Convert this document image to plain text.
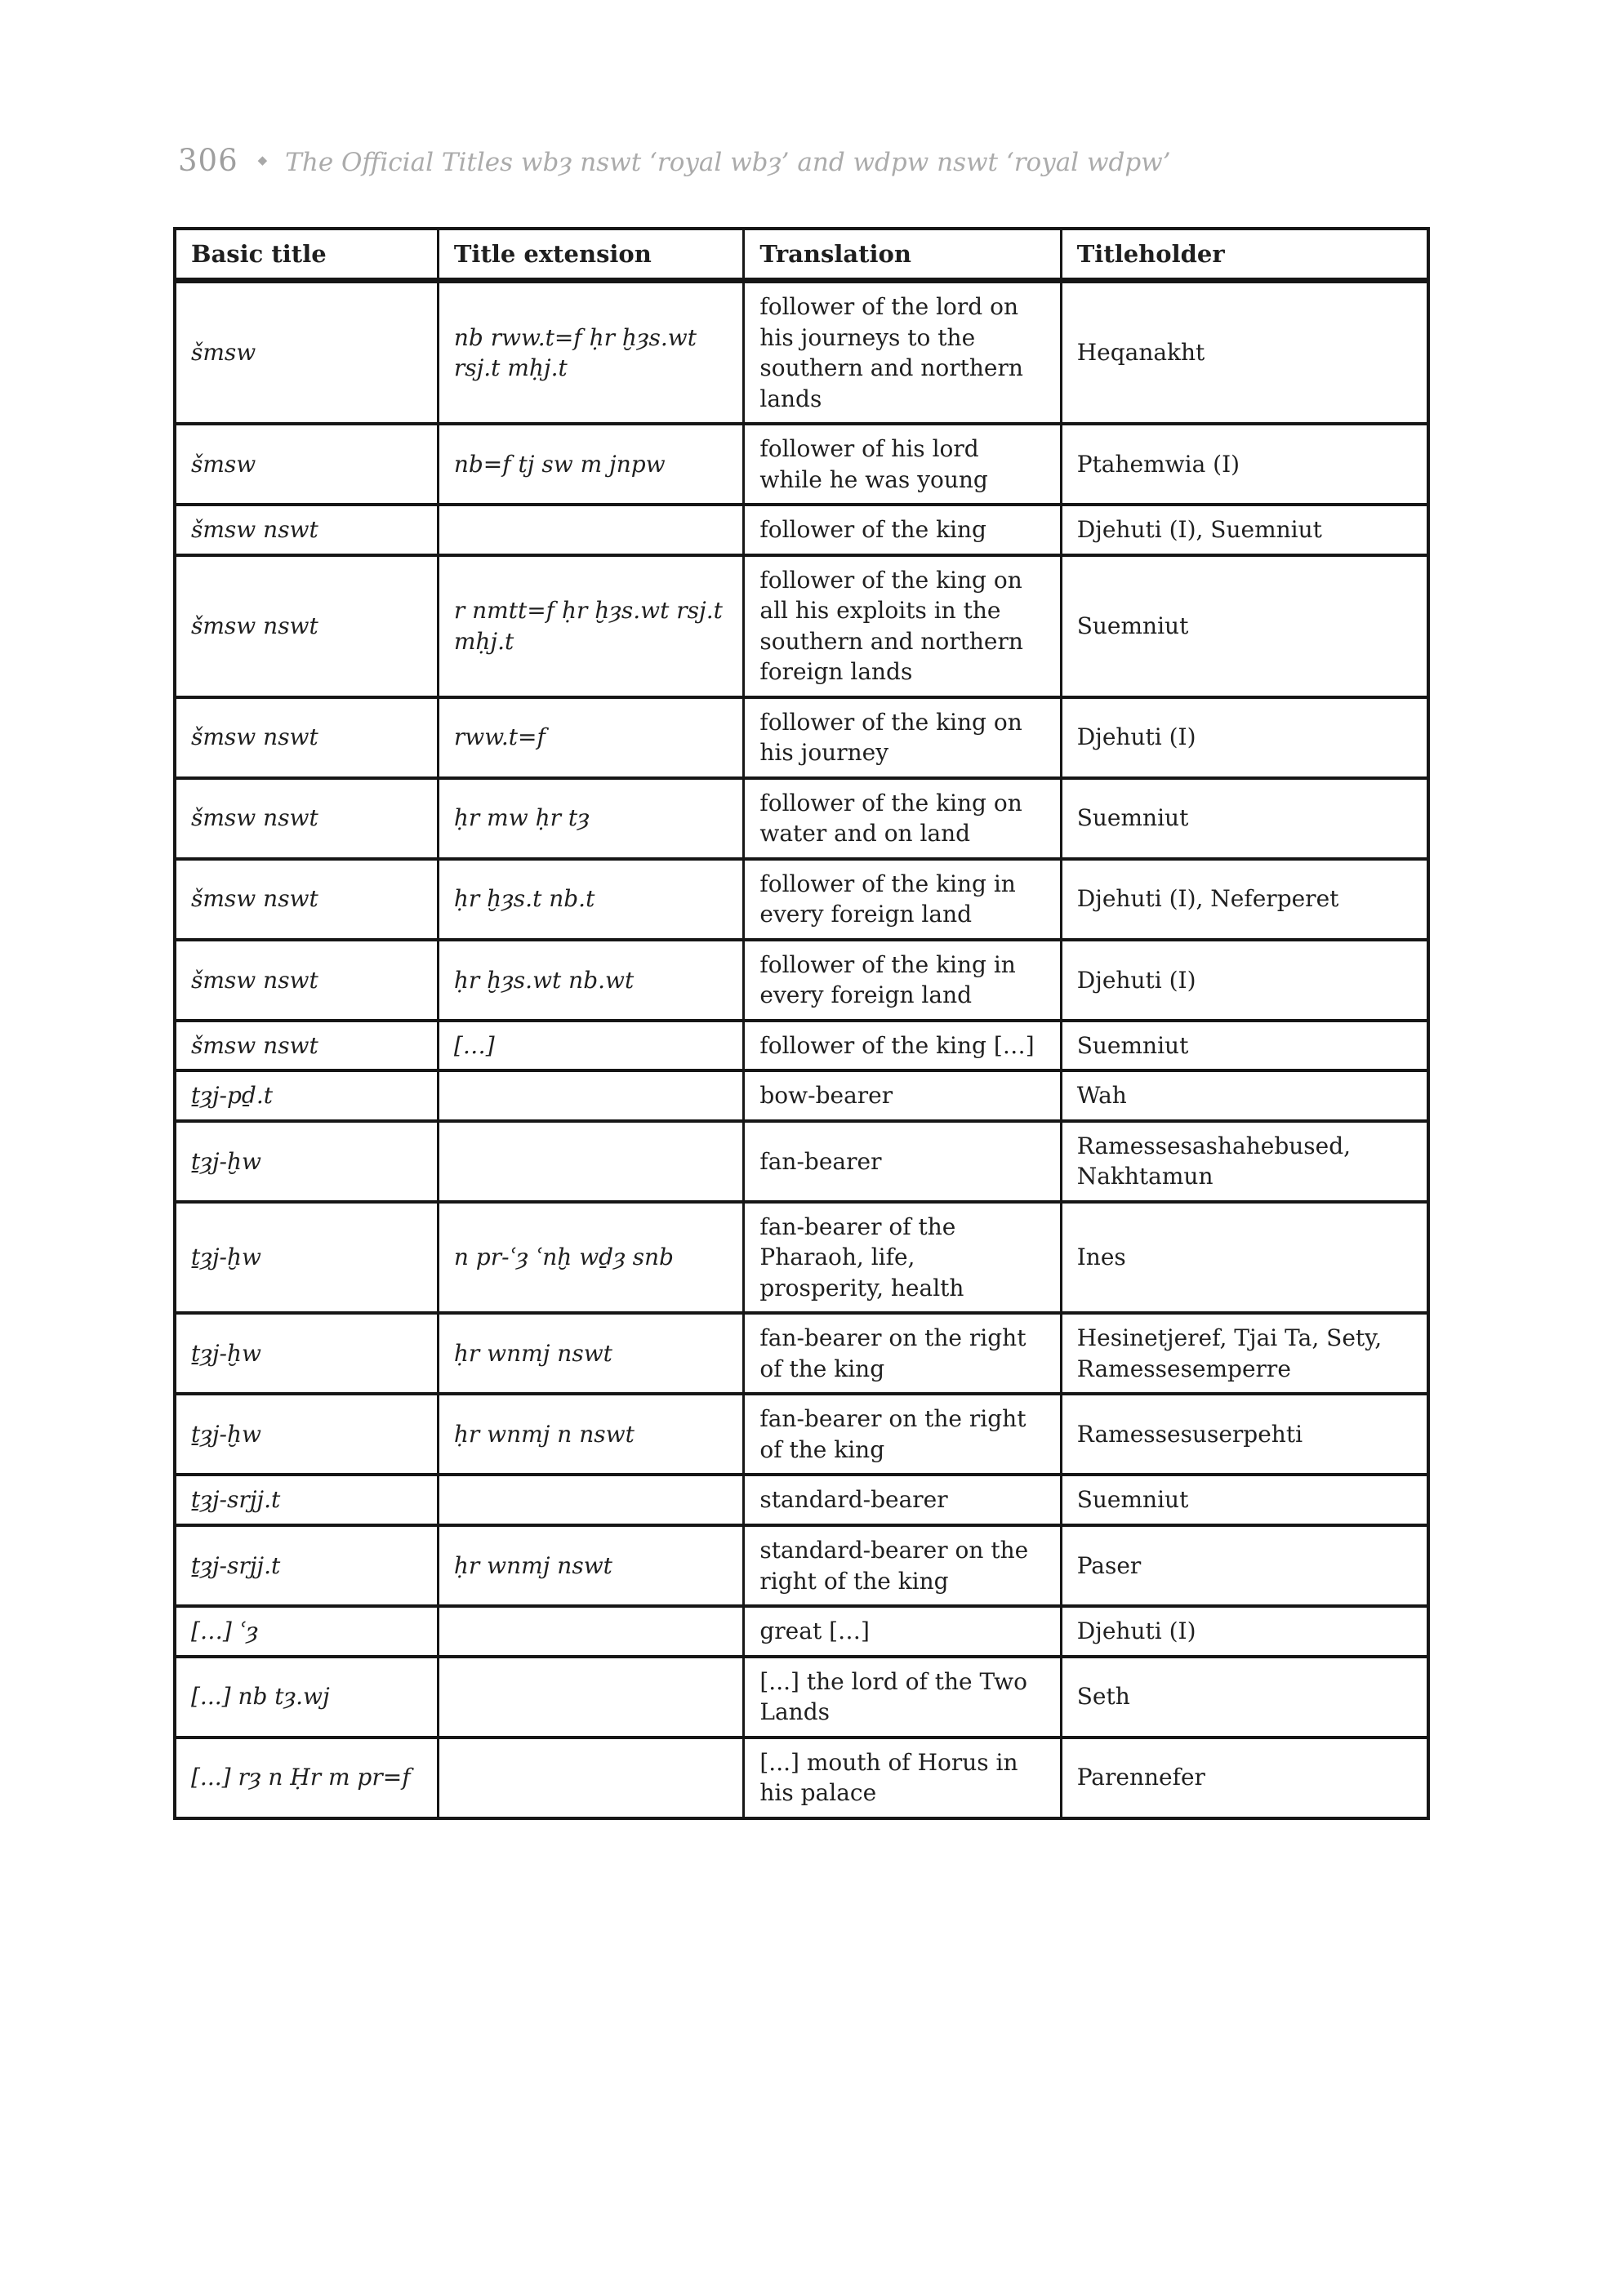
306 ◆ The Official Titles wbȝ nswt ‘royal wbȝ’ and wdpw nswt ‘royal wdpw’
Basic title	Title extension	Translation	Titleholder
šmsw	nb rww.t=f ḥr ḫȝs.wt rsj.t mḥj.t	follower of the lord on his journeys to the southern and northern lands	Heqanakht
šmsw	nb=f tj sw m jnpw	follower of his lord while he was young	Ptahemwia (I)
šmsw nswt		follower of the king	Djehuti (I), Suemniut
šmsw nswt	r nmtt=f ḥr ḫȝs.wt rsj.t mḥj.t	follower of the king on all his exploits in the southern and northern foreign lands	Suemniut
šmsw nswt	rww.t=f	follower of the king on his journey	Djehuti (I)
šmsw nswt	ḥr mw ḥr tȝ	follower of the king on water and on land	Suemniut
šmsw nswt	ḥr ḫȝs.t nb.t	follower of the king in every foreign land	Djehuti (I), Neferperet
šmsw nswt	ḥr ḫȝs.wt nb.wt	follower of the king in every foreign land	Djehuti (I)
šmsw nswt	[…]	follower of the king […]	Suemniut
ṯȝj-pḏ.t		bow-bearer	Wah
ṯȝj-ḫw		fan-bearer	Ramessesashahebused, Nakhtamun
ṯȝj-ḫw	n pr-ʿȝ ʿnḫ wḏȝ snb	fan-bearer of the Pharaoh, life, prosperity, health	Ines
ṯȝj-ḫw	ḥr wnmj nswt	fan-bearer on the right of the king	Hesinetjeref, Tjai Ta, Sety, Ramessesemperre
ṯȝj-ḫw	ḥr wnmj n nswt	fan-bearer on the right of the king	Ramessesuserpehti
ṯȝj-srjj.t		standard-bearer	Suemniut
ṯȝj-srjj.t	ḥr wnmj nswt	standard-bearer on the right of the king	Paser
[…] ʿȝ		great […]	Djehuti (I)
[...] nb tȝ.wj		[...] the lord of the Two Lands	Seth
[...] rȝ n Ḥr m pr=f		[...] mouth of Horus in his palace	Parennefer
